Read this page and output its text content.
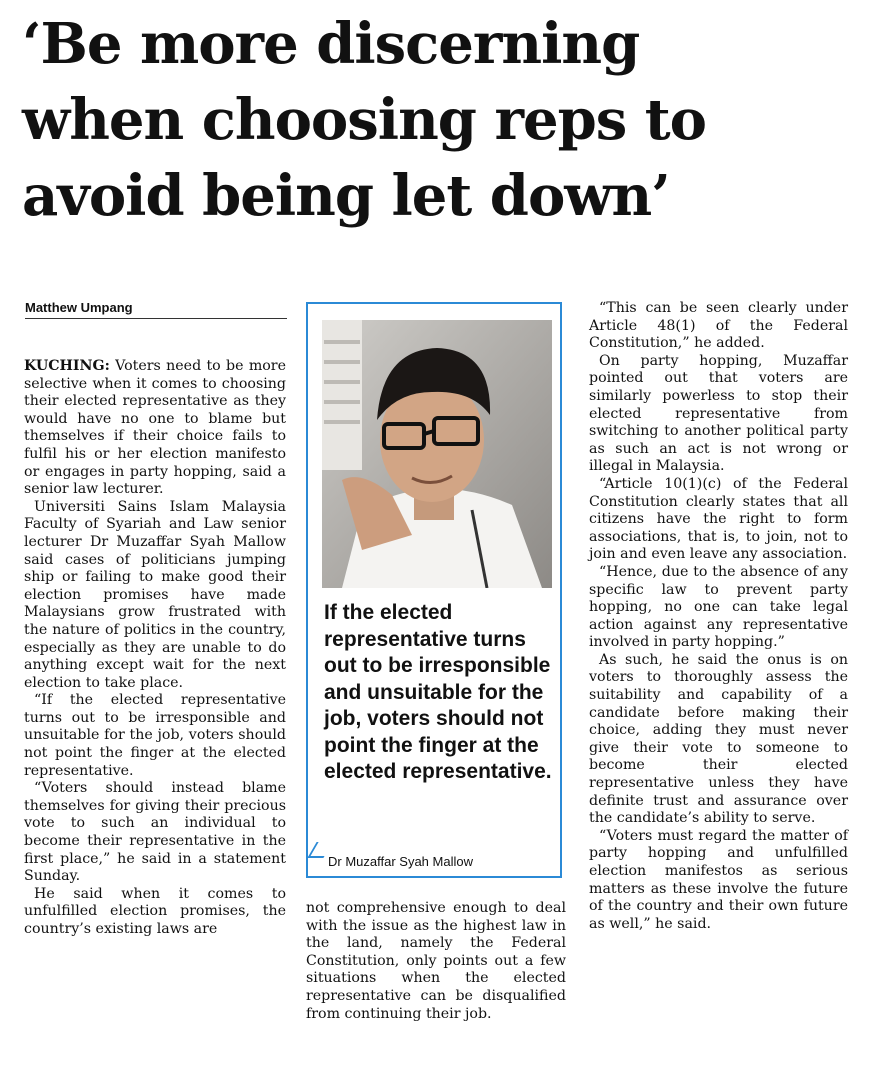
‘Be more discerning
when choosing reps to
avoid being let down’
Matthew Umpang

KUCHING: Voters need to be more selective when it comes to choosing their elected representative as they would have no one to blame but themselves if their choice fails to fulfil his or her election manifesto or engages in party hopping, said a senior law lecturer.

Universiti Sains Islam Malaysia Faculty of Syariah and Law senior lecturer Dr Muzaffar Syah Mallow said cases of politicians jumping ship or failing to make good their election promises have made Malaysians grow frustrated with the nature of politics in the country, especially as they are unable to do anything except wait for the next election to take place.

“If the elected representative turns out to be irresponsible and unsuitable for the job, voters should not point the finger at the elected representative.

“Voters should instead blame themselves for giving their precious vote to such an individual to become their representative in the first place,” he said in a statement Sunday.

He said when it comes to unfulfilled election promises, the country’s existing laws are

If the elected representative turns out to be irresponsible and unsuitable for the job, voters should not point the finger at the elected representative.
Dr Muzaffar Syah Mallow

not comprehensive enough to deal with the issue as the highest law in the land, namely the Federal Constitution, only points out a few situations when the elected representative can be disqualified from continuing their job.

“This can be seen clearly under Article 48(1) of the Federal Constitution,” he added.

On party hopping, Muzaffar pointed out that voters are similarly powerless to stop their elected representative from switching to another political party as such an act is not wrong or illegal in Malaysia.

“Article 10(1)(c) of the Federal Constitution clearly states that all citizens have the right to form associations, that is, to join, not to join and even leave any association.

“Hence, due to the absence of any specific law to prevent party hopping, no one can take legal action against any representative involved in party hopping.”

As such, he said the onus is on voters to thoroughly assess the suitability and capability of a candidate before making their choice, adding they must never give their vote to someone to become their elected representative unless they have definite trust and assurance over the candidate’s ability to serve.

“Voters must regard the matter of party hopping and unfulfilled election manifestos as serious matters as these involve the future of the country and their own future as well,” he said.
